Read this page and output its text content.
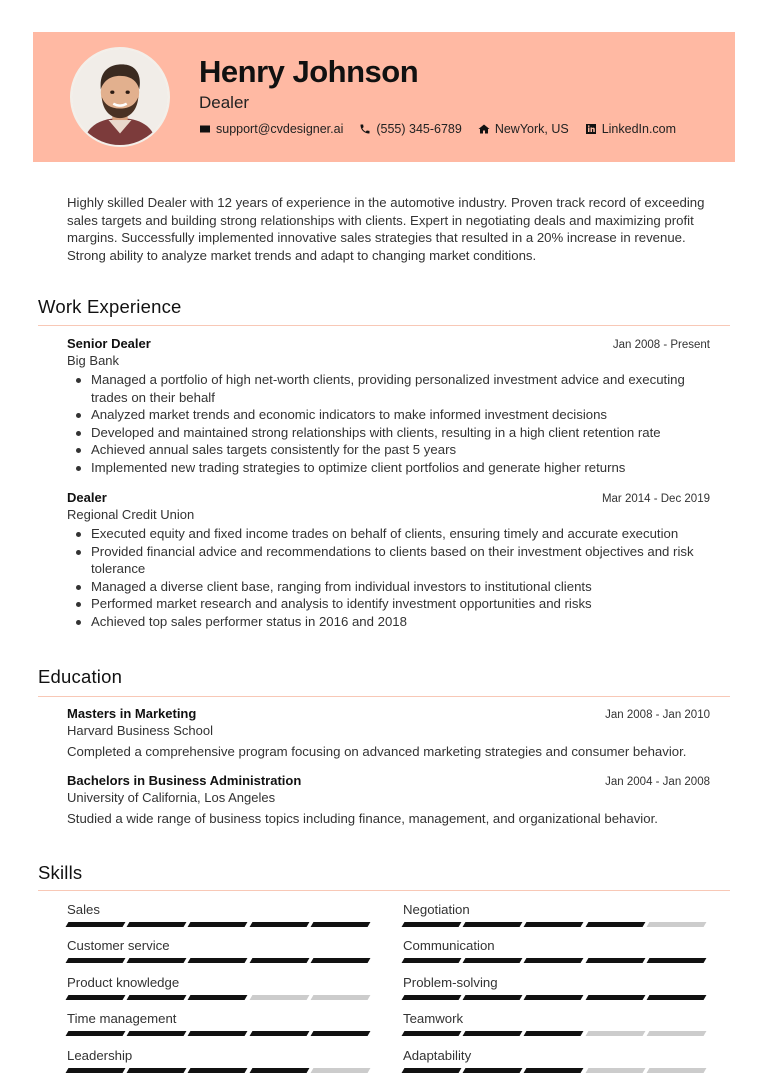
Henry Johnson
Dealer
support@cvdesigner.ai	(555) 345-6789	NewYork, US	LinkedIn.com
Highly skilled Dealer with 12 years of experience in the automotive industry. Proven track record of exceeding sales targets and building strong relationships with clients. Expert in negotiating deals and maximizing profit margins. Successfully implemented innovative sales strategies that resulted in a 20% increase in revenue. Strong ability to analyze market trends and adapt to changing market conditions.
Work Experience
Senior Dealer	Jan 2008 - Present
Big Bank
Managed a portfolio of high net-worth clients, providing personalized investment advice and executing trades on their behalf
Analyzed market trends and economic indicators to make informed investment decisions
Developed and maintained strong relationships with clients, resulting in a high client retention rate
Achieved annual sales targets consistently for the past 5 years
Implemented new trading strategies to optimize client portfolios and generate higher returns
Dealer	Mar 2014 - Dec 2019
Regional Credit Union
Executed equity and fixed income trades on behalf of clients, ensuring timely and accurate execution
Provided financial advice and recommendations to clients based on their investment objectives and risk tolerance
Managed a diverse client base, ranging from individual investors to institutional clients
Performed market research and analysis to identify investment opportunities and risks
Achieved top sales performer status in 2016 and 2018
Education
Masters in Marketing	Jan 2008 - Jan 2010
Harvard Business School
Completed a comprehensive program focusing on advanced marketing strategies and consumer behavior.
Bachelors in Business Administration	Jan 2004 - Jan 2008
University of California, Los Angeles
Studied a wide range of business topics including finance, management, and organizational behavior.
Skills
Sales	Negotiation
Customer service	Communication
Product knowledge	Problem-solving
Time management	Teamwork
Leadership	Adaptability
